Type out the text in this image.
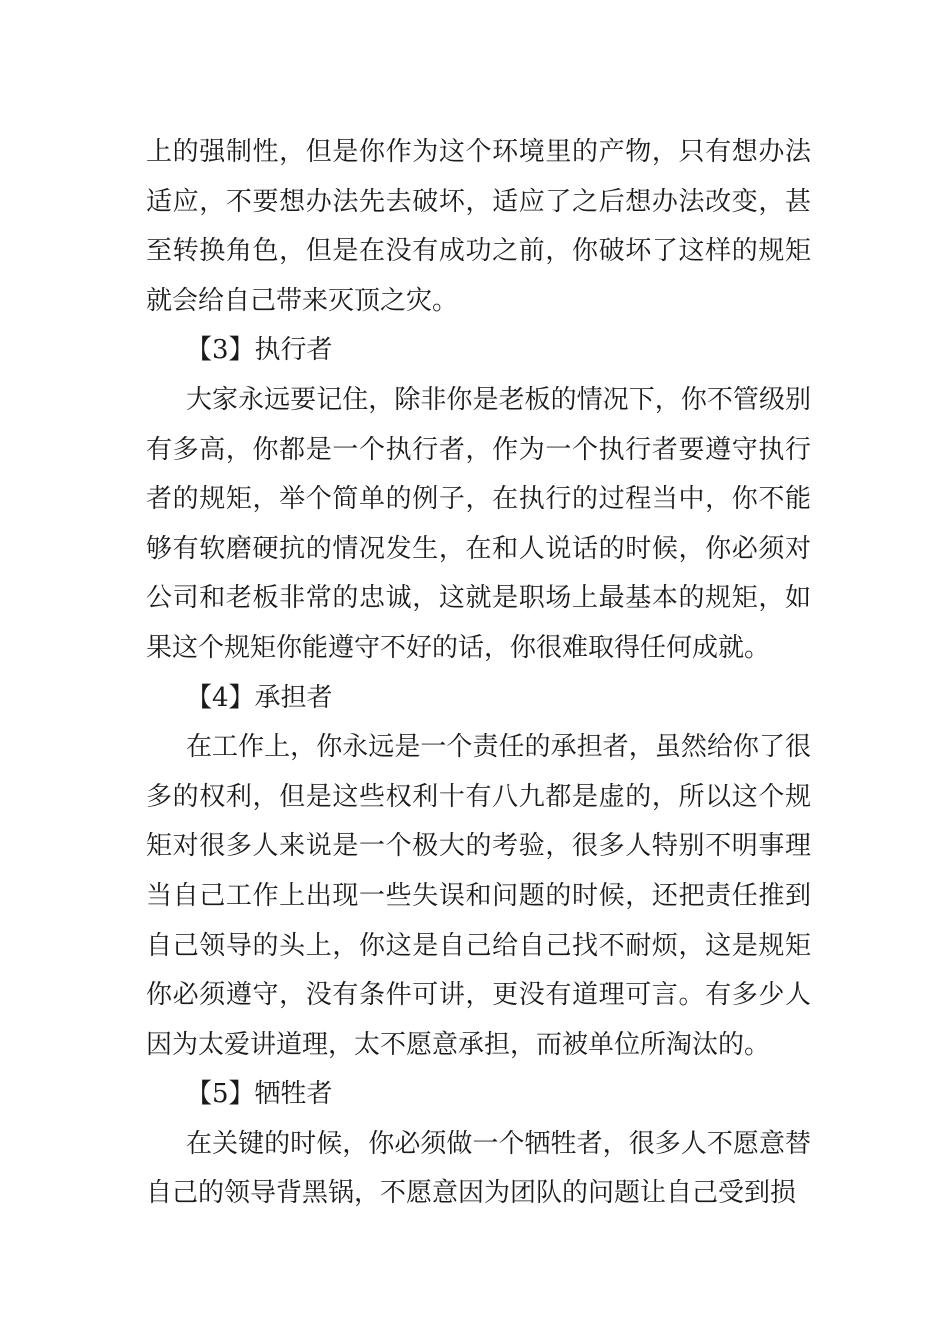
上的强制性，但是你作为这个环境里的产物，只有想办法适应，不要想办法先去破坏，适应了之后想办法改变，甚至转换角色，但是在没有成功之前，你破坏了这样的规矩就会给自己带来灭顶之灾。

【3】执行者

大家永远要记住，除非你是老板的情况下，你不管级别有多高，你都是一个执行者，作为一个执行者要遵守执行者的规矩，举个简单的例子，在执行的过程当中，你不能够有软磨硬抗的情况发生，在和人说话的时候，你必须对公司和老板非常的忠诚，这就是职场上最基本的规矩，如果这个规矩你能遵守不好的话，你很难取得任何成就。

【4】承担者

在工作上，你永远是一个责任的承担者，虽然给你了很多的权利，但是这些权利十有八九都是虚的，所以这个规矩对很多人来说是一个极大的考验，很多人特别不明事理当自己工作上出现一些失误和问题的时候，还把责任推到自己领导的头上，你这是自己给自己找不耐烦，这是规矩你必须遵守，没有条件可讲，更没有道理可言。有多少人因为太爱讲道理，太不愿意承担，而被单位所淘汰的。

【5】牺牲者

在关键的时候，你必须做一个牺牲者，很多人不愿意替自己的领导背黑锅，不愿意因为团队的问题让自己受到损
